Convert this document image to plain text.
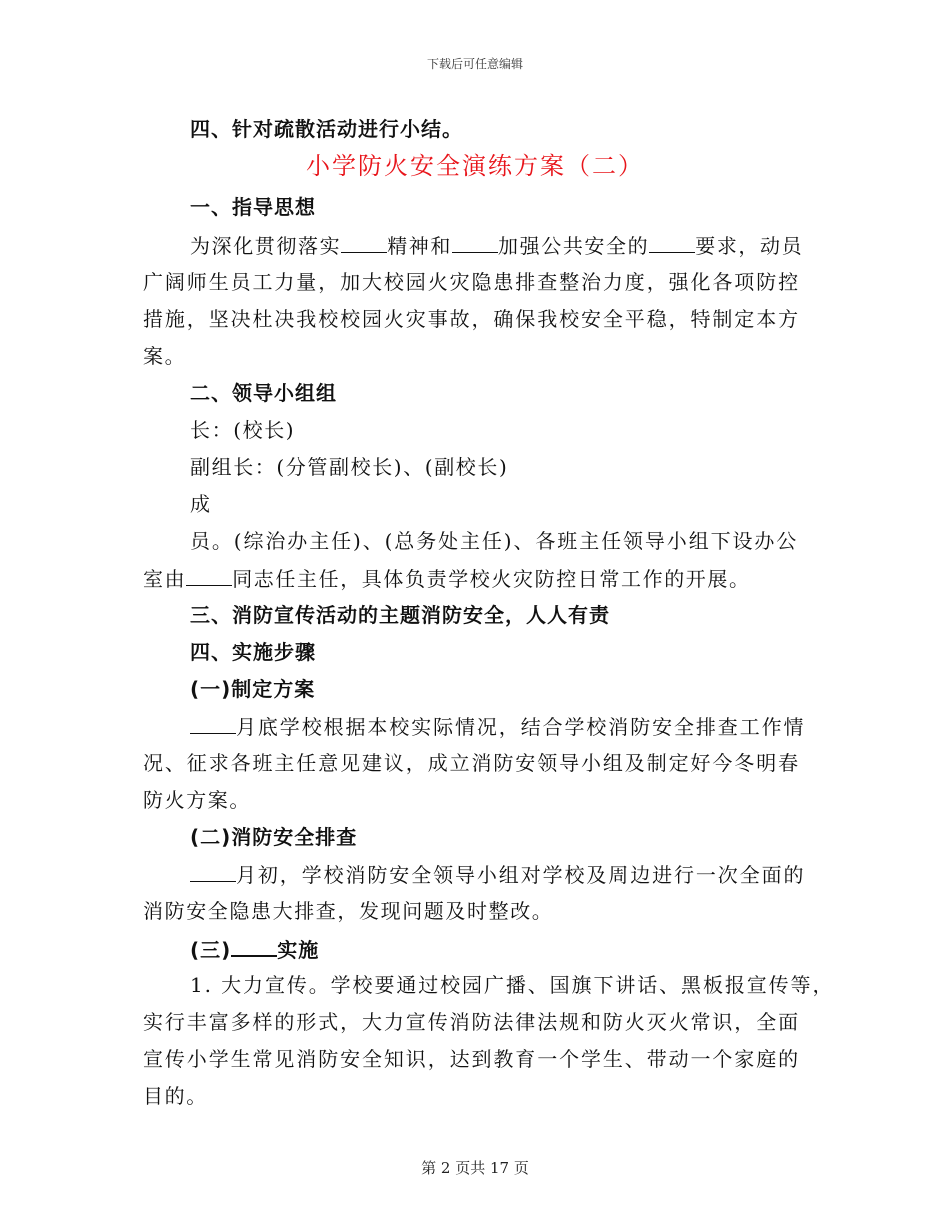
下载后可任意编辑
四、针对疏散活动进行小结。
小学防火安全演练方案（二）
一、指导思想
为深化贯彻落实 精神和 加强公共安全的 要求，动员
广阔师生员工力量，加大校园火灾隐患排查整治力度，强化各项防控
措施，坚决杜决我校校园火灾事故，确保我校安全平稳，特制定本方
案。
二、领导小组组
长：(校长)
副组长：(分管副校长)、(副校长)
成
员。(综治办主任)、(总务处主任)、各班主任领导小组下设办公
室由 同志任主任，具体负责学校火灾防控日常工作的开展。
三、消防宣传活动的主题消防安全，人人有责
四、实施步骤
(一)制定方案
月底学校根据本校实际情况，结合学校消防安全排查工作情
况、征求各班主任意见建议，成立消防安领导小组及制定好今冬明春
防火方案。
(二)消防安全排查
月初，学校消防安全领导小组对学校及周边进行一次全面的
消防安全隐患大排查，发现问题及时整改。
(三) 实施
1. 大力宣传。学校要通过校园广播、国旗下讲话、黑板报宣传等，
实行丰富多样的形式，大力宣传消防法律法规和防火灭火常识，全面
宣传小学生常见消防安全知识，达到教育一个学生、带动一个家庭的
目的。
第 2 页共 17 页
